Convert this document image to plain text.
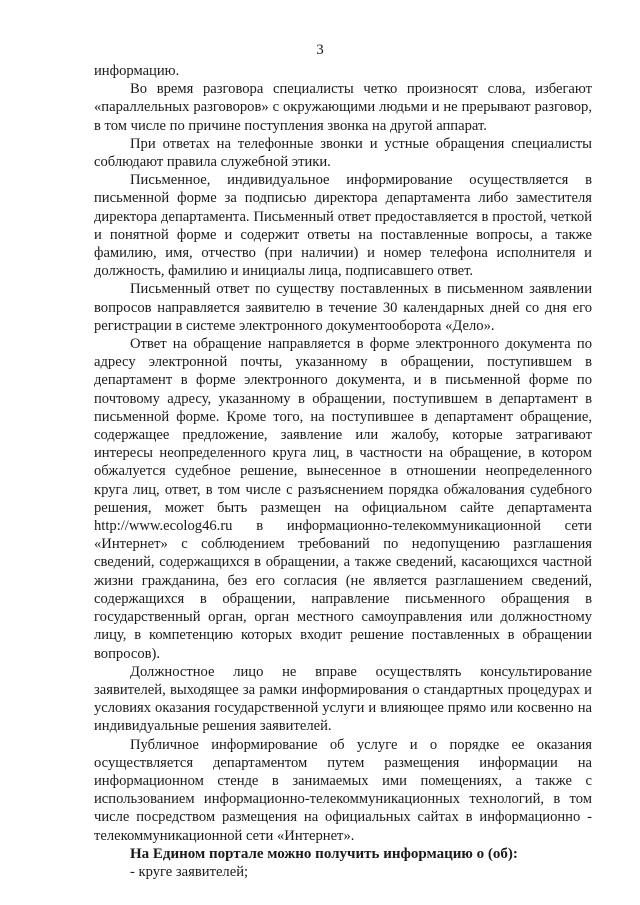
3

информацию.

Во время разговора специалисты четко произносят слова, избегают «параллельных разговоров» с окружающими людьми и не прерывают разговор, в том числе по причине поступления звонка на другой аппарат.

При ответах на телефонные звонки и устные обращения специалисты соблюдают правила служебной этики.

Письменное, индивидуальное информирование осуществляется в письменной форме за подписью директора департамента либо заместителя директора департамента. Письменный ответ предоставляется в простой, четкой и понятной форме и содержит ответы на поставленные вопросы, а также фамилию, имя, отчество (при наличии) и номер телефона исполнителя и должность, фамилию и инициалы лица, подписавшего ответ.

Письменный ответ по существу поставленных в письменном заявлении вопросов направляется заявителю в течение 30 календарных дней со дня его регистрации в системе электронного документооборота «Дело».

Ответ на обращение направляется в форме электронного документа по адресу электронной почты, указанному в обращении, поступившем в департамент в форме электронного документа, и в письменной форме по почтовому адресу, указанному в обращении, поступившем в департамент в письменной форме. Кроме того, на поступившее в департамент обращение, содержащее предложение, заявление или жалобу, которые затрагивают интересы неопределенного круга лиц, в частности на обращение, в котором обжалуется судебное решение, вынесенное в отношении неопределенного круга лиц, ответ, в том числе с разъяснением порядка обжалования судебного решения, может быть размещен на официальном сайте департамента http://www.ecolog46.ru в информационно-телекоммуникационной сети «Интернет» с соблюдением требований по недопущению разглашения сведений, содержащихся в обращении, а также сведений, касающихся частной жизни гражданина, без его согласия (не является разглашением сведений, содержащихся в обращении, направление письменного обращения в государственный орган, орган местного самоуправления или должностному лицу, в компетенцию которых входит решение поставленных в обращении вопросов).

Должностное лицо не вправе осуществлять консультирование заявителей, выходящее за рамки информирования о стандартных процедурах и условиях оказания государственной услуги и влияющее прямо или косвенно на индивидуальные решения заявителей.

Публичное информирование об услуге и о порядке ее оказания осуществляется департаментом путем размещения информации на информационном стенде в занимаемых ими помещениях, а также с использованием информационно-телекоммуникационных технологий, в том числе посредством размещения на официальных сайтах в информационно - телекоммуникационной сети «Интернет».

На Едином портале можно получить информацию о (об):

- круге заявителей;
